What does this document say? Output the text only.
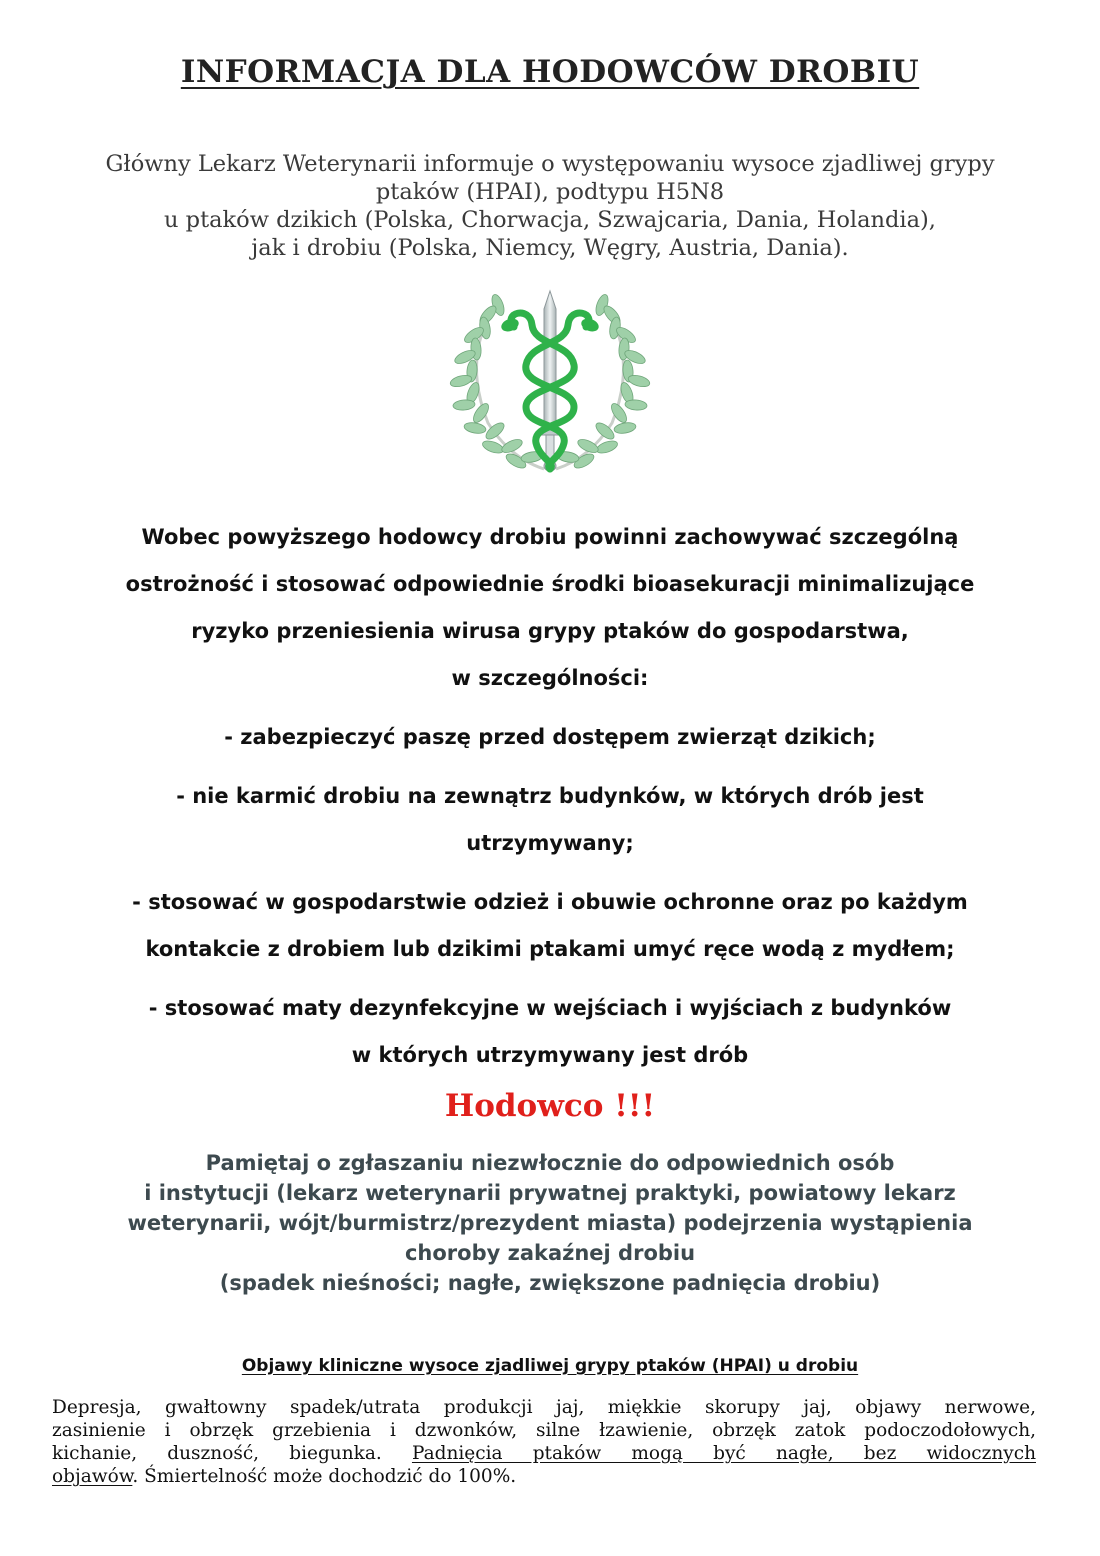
INFORMACJA DLA HODOWCÓW DROBIU
Główny Lekarz Weterynarii informuje o występowaniu wysoce zjadliwej grypy
ptaków (HPAI), podtypu H5N8
u ptaków dzikich (Polska, Chorwacja, Szwajcaria, Dania, Holandia),
jak i drobiu (Polska, Niemcy, Węgry, Austria, Dania).
Wobec powyższego hodowcy drobiu powinni zachowywać szczególną
ostrożność i stosować odpowiednie środki bioasekuracji minimalizujące
ryzyko przeniesienia wirusa grypy ptaków do gospodarstwa,
w szczególności:
- zabezpieczyć paszę przed dostępem zwierząt dzikich;
- nie karmić drobiu na zewnątrz budynków, w których drób jest
utrzymywany;
- stosować w gospodarstwie odzież i obuwie ochronne oraz po każdym
kontakcie z drobiem lub dzikimi ptakami umyć ręce wodą z mydłem;
- stosować maty dezynfekcyjne w wejściach i wyjściach z budynków
w których utrzymywany jest drób
Hodowco !!!
Pamiętaj o zgłaszaniu niezwłocznie do odpowiednich osób
i instytucji (lekarz weterynarii prywatnej praktyki, powiatowy lekarz
weterynarii, wójt/burmistrz/prezydent miasta) podejrzenia wystąpienia
choroby zakaźnej drobiu
(spadek nieśności; nagłe, zwiększone padnięcia drobiu)
Objawy kliniczne wysoce zjadliwej grypy ptaków (HPAI) u drobiu
Depresja, gwałtowny spadek/utrata produkcji jaj, miękkie skorupy jaj, objawy nerwowe,
zasinienie i obrzęk grzebienia i dzwonków, silne łzawienie, obrzęk zatok podoczodołowych,
kichanie, duszność, biegunka. Padnięcia ptaków mogą być nagłe, bez widocznych
objawów. Śmiertelność może dochodzić do 100%.
